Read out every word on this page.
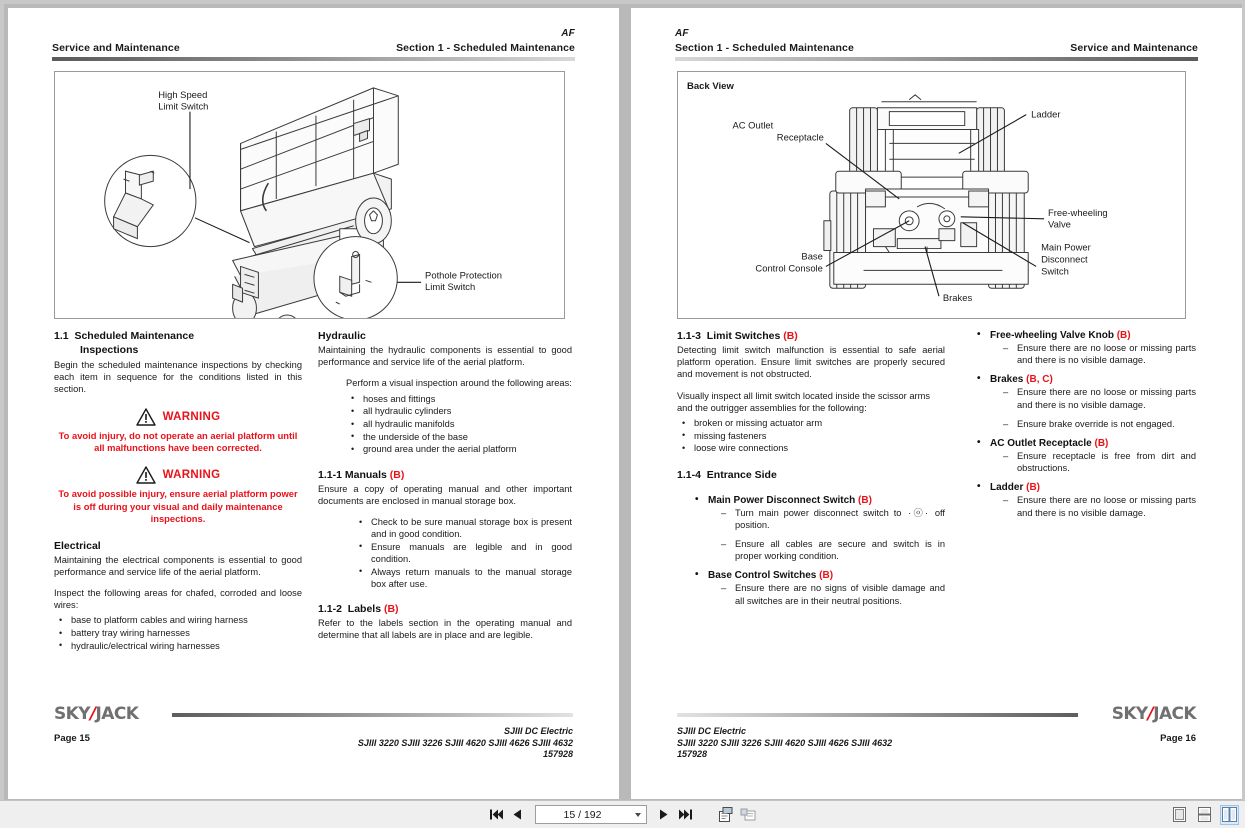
AF
Service and Maintenance	Section 1 - Scheduled Maintenance
High Speed
Limit Switch
Pothole Protection
Limit Switch
1.1 Scheduled Maintenance
Inspections

Begin the scheduled maintenance inspections by checking each item in sequence for the conditions listed in this section.

WARNING
To avoid injury, do not operate an aerial platform until all malfunctions have been corrected.
WARNING
To avoid possible injury, ensure aerial platform power is off during your visual and daily maintenance inspections.
Electrical

Maintaining the electrical components is essential to good performance and service life of the aerial platform.

Inspect the following areas for chafed, corroded and loose wires:

• base to platform cables and wiring harness
• battery tray wiring harnesses
• hydraulic/electrical wiring harnesses
Hydraulic

Maintaining the hydraulic components is essential to good performance and service life of the aerial platform.

Perform a visual inspection around the following areas:

• hoses and fittings
• all hydraulic cylinders
• all hydraulic manifolds
• the underside of the base
• ground area under the aerial platform
1.1-1 Manuals (B)

Ensure a copy of operating manual and other important documents are enclosed in manual storage box.

• Check to be sure manual storage box is present and in good condition.
• Ensure manuals are legible and in good condition.
• Always return manuals to the manual storage box after use.
1.1-2 Labels (B)

Refer to the labels section in the operating manual and determine that all labels are in place and are legible.

SKY/JACK
Page 15
SJIII DC Electric
SJIII 3220 SJIII 3226 SJIII 4620 SJIII 4626 SJIII 4632
157928
AF
Section 1 - Scheduled Maintenance	Service and Maintenance
AC Outlet
Receptacle
Ladder
Free-wheeling
Valve
Base
Control Console
Main Power
Disconnect
Switch
Brakes
Back View
1.1-3 Limit Switches (B)

Detecting limit switch malfunction is essential to safe aerial platform operation. Ensure limit switches are properly secured and movement is not obstructed.

Visually inspect all limit switch located inside the scissor arms and the outrigger assemblies for the following:

• broken or missing actuator arm
• missing fasteners
• loose wire connections
1.1-4 Entrance Side
• Main Power Disconnect Switch (B)
– Turn main power disconnect switch to  ·ⓞ·  off position.
– Ensure all cables are secure and switch is in proper working condition.
• Base Control Switches (B)
– Ensure there are no signs of visible damage and all switches are in their neutral positions.
• Free-wheeling Valve Knob (B)
– Ensure there are no loose or missing parts and there is no visible damage.
• Brakes (B, C)
– Ensure there are no loose or missing parts and there is no visible damage.
– Ensure brake override is not engaged.
• AC Outlet Receptacle (B)
– Ensure receptacle is free from dirt and obstructions.
• Ladder (B)
– Ensure there are no loose or missing parts and there is no visible damage.
SKY/JACK
Page 16
SJIII DC Electric
SJIII 3220 SJIII 3226 SJIII 4620 SJIII 4626 SJIII 4632
157928
15 / 192
